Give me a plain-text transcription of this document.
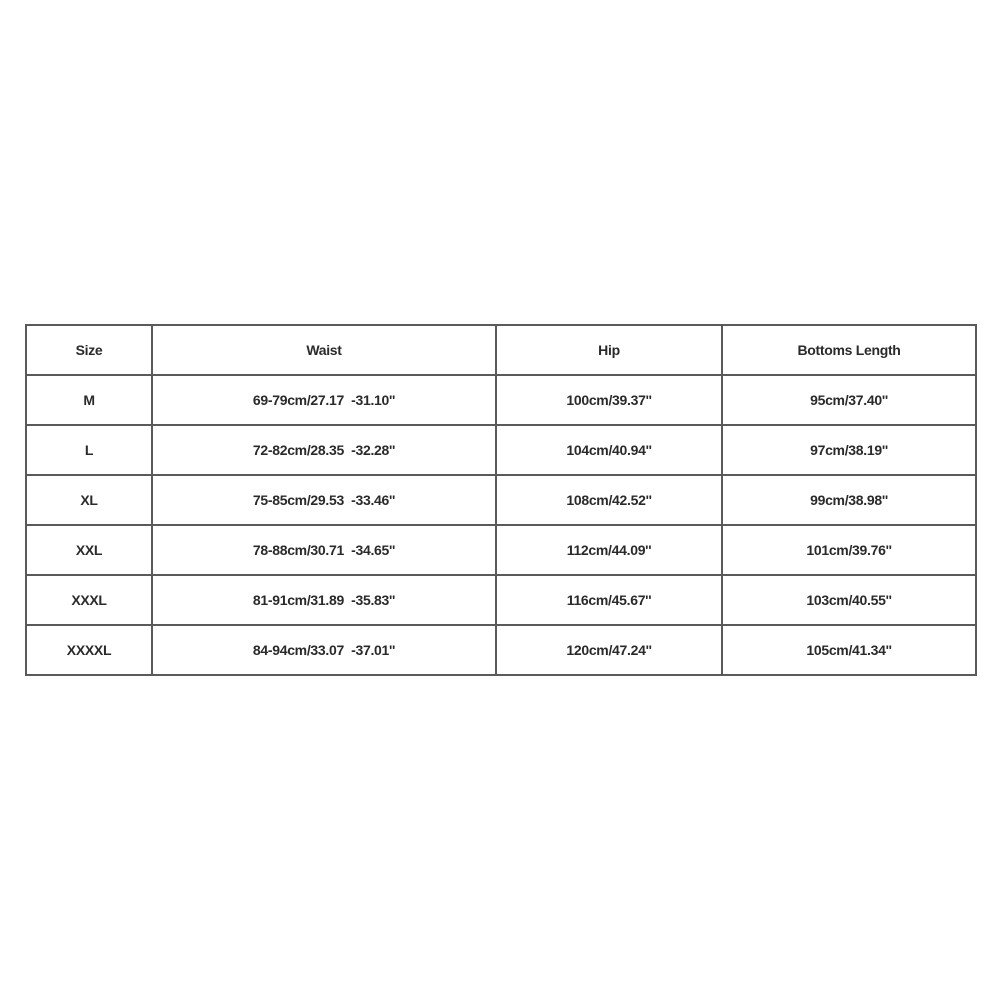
Size	Waist	Hip	Bottoms Length
M	69-79cm/27.17  -31.10''	100cm/39.37''	95cm/37.40''
L	72-82cm/28.35  -32.28''	104cm/40.94''	97cm/38.19''
XL	75-85cm/29.53  -33.46''	108cm/42.52''	99cm/38.98''
XXL	78-88cm/30.71  -34.65''	112cm/44.09''	101cm/39.76''
XXXL	81-91cm/31.89  -35.83''	116cm/45.67''	103cm/40.55''
XXXXL	84-94cm/33.07  -37.01''	120cm/47.24''	105cm/41.34''
